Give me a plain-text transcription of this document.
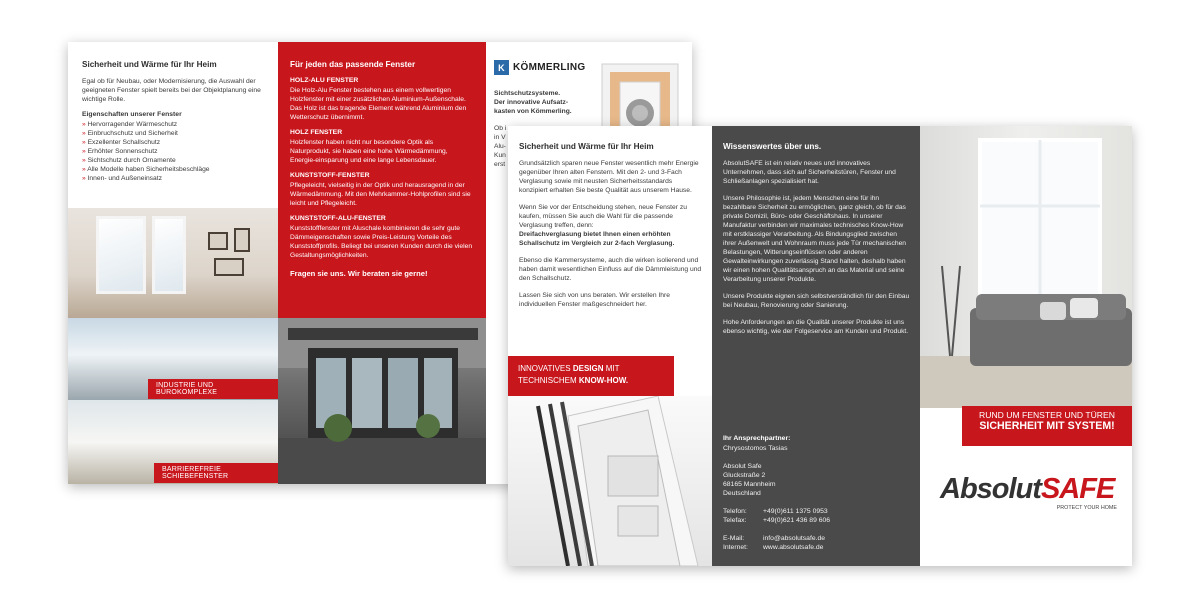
Sicherheit und Wärme für Ihr Heim
Egal ob für Neubau, oder Modernisierung, die Auswahl der geeigneten Fenster spielt bereits bei der Objektplanung eine wichtige Rolle.
Eigenschaften unserer Fenster
» Hervorragender Wärmeschutz
» Einbruchschutz und Sicherheit
» Exzellenter Schallschutz
» Erhöhter Sonnenschutz
» Sichtschutz durch Ornamente
» Alle Modelle haben Sicherheitsbeschläge
» Innen- und Außeneinsatz
INDUSTRIE UND BÜROKOMPLEXE
BARRIEREFREIE SCHIEBEFENSTER
Für jeden das passende Fenster
HOLZ-ALU FENSTER
Die Holz-Alu Fenster bestehen aus einem vollwertigen Holzfenster mit einer zusätzlichen Aluminium-Außenschale. Das Holz ist das tragende Element während Aluminium den Wetterschutz übernimmt.
HOLZ FENSTER
Holzfenster haben nicht nur besondere Optik als Naturprodukt, sie haben eine hohe Wärmedämmung, Energie-einsparung und eine lange Lebensdauer.
KUNSTSTOFF-FENSTER
Pflegeleicht, vielseitig in der Optik und herausragend in der Wärmedämmung. Mit den Mehrkammer-Hohlprofilen sind sie leicht und Pflegeleicht.
KUNSTSTOFF-ALU-FENSTER
Kunststofffenster mit Aluschale kombinieren die sehr gute Dämmeigenschaften sowie Preis-Leistung Vorteile des Kunststoffprofils. Beliegt bei unseren Kunden durch die vielen Gestaltungsmöglichkeiten.
Fragen sie uns. Wir beraten sie gerne!
K KÖMMERLING
Sichtschutzsysteme.
Der innovative Aufsatz-
kasten von Kömmerling.
Ob i
in V
Alu-
Kun
erst
Sicherheit und Wärme für Ihr Heim
Grundsätzlich sparen neue Fenster wesentlich mehr Energie gegenüber Ihren alten Fenstern. Mit den 2- und 3-Fach Verglasung sowie mit neusten Sicherheitsstandards konzipiert erhalten Sie beste Qualität aus unserem Hause.
Wenn Sie vor der Entscheidung stehen, neue Fenster zu kaufen, müssen Sie auch die Wahl für die passende Verglasung treffen, denn:
Dreifachverglasung bietet Ihnen einen erhöhten Schallschutz im Vergleich zur 2-fach Verglasung.
Ebenso die Kammersysteme, auch die wirken isolierend und haben damit wesentlichen Einfluss auf die Dämmleistung und den Schallschutz.
Lassen Sie sich von uns beraten. Wir erstellen Ihre individuellen Fenster maßgeschneidert her.
INNOVATIVES DESIGN MIT
TECHNISCHEM KNOW-HOW.
Wissenswertes über uns.
AbsolutSAFE ist ein relativ neues und innovatives Unternehmen, dass sich auf Sicherheitstüren, Fenster und Schließanlagen spezialisiert hat.
Unsere Philosophie ist, jedem Menschen eine für ihn bezahlbare Sicherheit zu ermöglichen, ganz gleich, ob für das private Domizil, Büro- oder Geschäftshaus. In unserer Manufaktur verbinden wir maximales technisches Know-How mit erstklassiger Verarbeitung. Als Bindungsglied zwischen ihrer Außenwelt und Wohnraum muss jede Tür mechanischen Belastungen, Witterungseinflüssen oder anderen Gewalteinwirkungen zuverlässig Stand halten, deshalb haben wir einen hohen Qualitätsanspruch an das Material und seine Verarbeitung unserer Produkte.
Unsere Produkte eignen sich selbstverständlich für den Einbau bei Neubau, Renovierung oder Sanierung.
Hohe Anforderungen an die Qualität unserer Produkte ist uns ebenso wichtig, wie der Folgeservice am Kunden und Produkt.
Ihr Ansprechpartner:
Chrysostomos Tasias
Absolut Safe
Gluckstraße 2
68165 Mannheim
Deutschland
Telefon:	+49(0)611 1375 0953
Telefax:	+49(0)621 436 89 606
E-Mail:	info@absolutsafe.de
Internet:	www.absolutsafe.de
RUND UM FENSTER UND TÜREN
SICHERHEIT MIT SYSTEM!
AbsolutSAFE
PROTECT YOUR HOME
